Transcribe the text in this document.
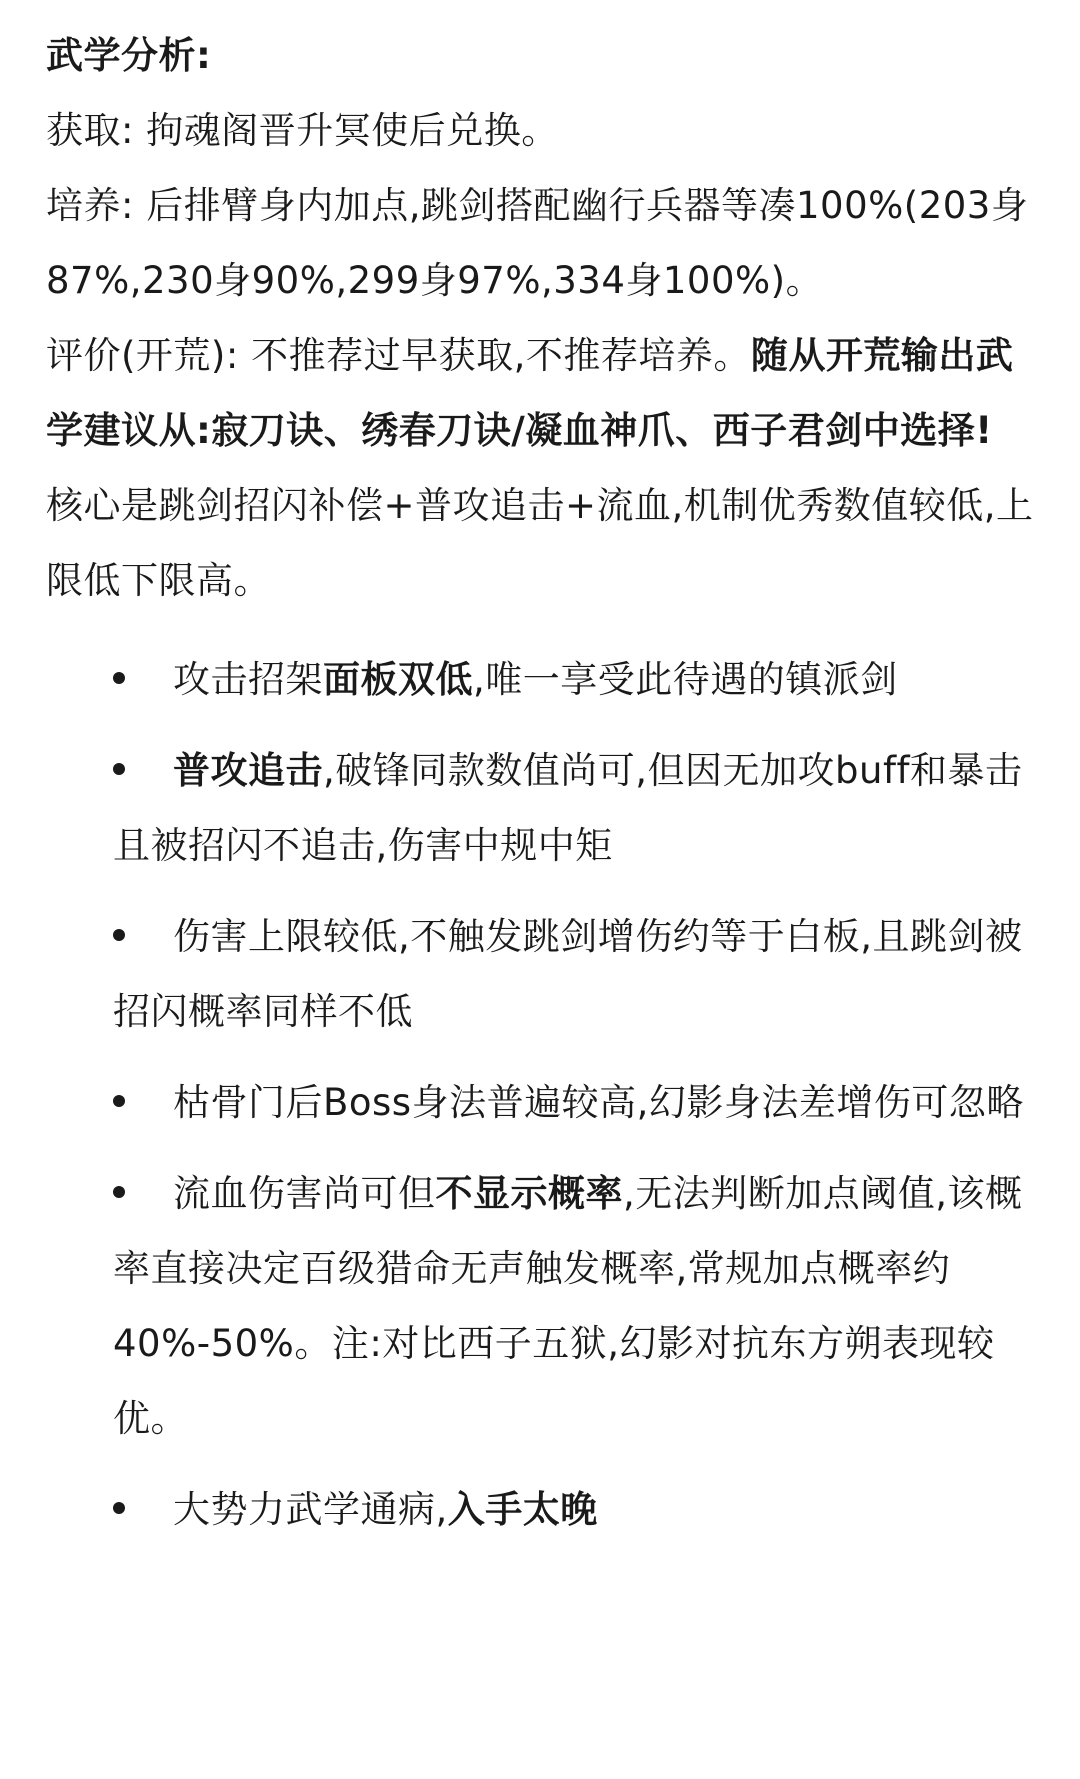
武学分析:

获取: 拘魂阁晋升冥使后兑换。

培养: 后排臂身内加点,跳剑搭配幽行兵器等凑100%(203身87%,230身90%,299身97%,334身100%)。

评价(开荒): 不推荐过早获取,不推荐培养。随从开荒输出武学建议从:寂刀诀、绣春刀诀/凝血神爪、西子君剑中选择!

核心是跳剑招闪补偿+普攻追击+流血,机制优秀数值较低,上限低下限高。

攻击招架面板双低,唯一享受此待遇的镇派剑
普攻追击,破锋同款数值尚可,但因无加攻buff和暴击且被招闪不追击,伤害中规中矩
伤害上限较低,不触发跳剑增伤约等于白板,且跳剑被招闪概率同样不低
枯骨门后Boss身法普遍较高,幻影身法差增伤可忽略
流血伤害尚可但不显示概率,无法判断加点阈值,该概率直接决定百级猎命无声触发概率,常规加点概率约40%-50%。注:对比西子五狱,幻影对抗东方朔表现较优。
大势力武学通病,入手太晚
